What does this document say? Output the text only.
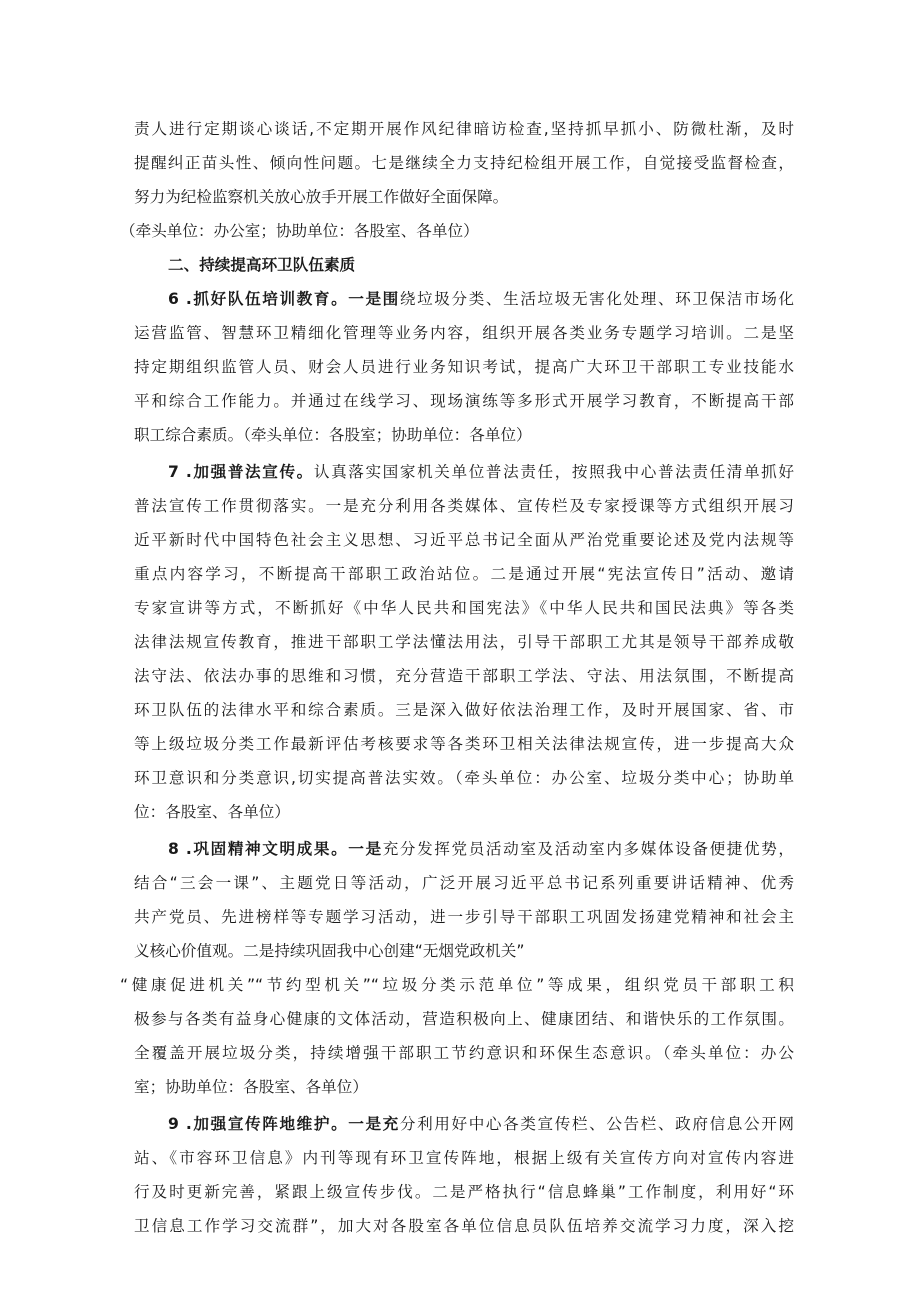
责人进行定期谈心谈话,不定期开展作风纪律暗访检查,坚持抓早抓小、防微杜渐，及时
提醒纠正苗头性、倾向性问题。七是继续全力支持纪检组开展工作，自觉接受监督检查，
努力为纪检监察机关放心放手开展工作做好全面保障。
（牵头单位：办公室；协助单位：各股室、各单位）
二、持续提高环卫队伍素质
6 .抓好队伍培训教育。一是围绕垃圾分类、生活垃圾无害化处理、环卫保洁市场化
运营监管、智慧环卫精细化管理等业务内容，组织开展各类业务专题学习培训。二是坚
持定期组织监管人员、财会人员进行业务知识考试，提高广大环卫干部职工专业技能水
平和综合工作能力。并通过在线学习、现场演练等多形式开展学习教育，不断提高干部
职工综合素质。（牵头单位：各股室；协助单位：各单位）
7 .加强普法宣传。认真落实国家机关单位普法责任，按照我中心普法责任清单抓好
普法宣传工作贯彻落实。一是充分利用各类媒体、宣传栏及专家授课等方式组织开展习
近平新时代中国特色社会主义思想、习近平总书记全面从严治党重要论述及党内法规等
重点内容学习，不断提高干部职工政治站位。二是通过开展“宪法宣传日”活动、邀请
专家宣讲等方式，不断抓好《中华人民共和国宪法》《中华人民共和国民法典》等各类
法律法规宣传教育，推进干部职工学法懂法用法，引导干部职工尤其是领导干部养成敬
法守法、依法办事的思维和习惯，充分营造干部职工学法、守法、用法氛围，不断提高
环卫队伍的法律水平和综合素质。三是深入做好依法治理工作，及时开展国家、省、市
等上级垃圾分类工作最新评估考核要求等各类环卫相关法律法规宣传，进一步提高大众
环卫意识和分类意识,切实提高普法实效。（牵头单位：办公室、垃圾分类中心；协助单
位：各股室、各单位）
8 .巩固精神文明成果。一是充分发挥党员活动室及活动室内多媒体设备便捷优势，
结合“三会一课”、主题党日等活动，广泛开展习近平总书记系列重要讲话精神、优秀
共产党员、先进榜样等专题学习活动，进一步引导干部职工巩固发扬建党精神和社会主
义核心价值观。二是持续巩固我中心创建“无烟党政机关”
“健康促进机关”“节约型机关”“垃圾分类示范单位”等成果，组织党员干部职工积
极参与各类有益身心健康的文体活动，营造积极向上、健康团结、和谐快乐的工作氛围。
全覆盖开展垃圾分类，持续增强干部职工节约意识和环保生态意识。（牵头单位：办公
室；协助单位：各股室、各单位）
9 .加强宣传阵地维护。一是充分利用好中心各类宣传栏、公告栏、政府信息公开网
站、《市容环卫信息》内刊等现有环卫宣传阵地，根据上级有关宣传方向对宣传内容进
行及时更新完善，紧跟上级宣传步伐。二是严格执行“信息蜂巢”工作制度，利用好“环
卫信息工作学习交流群”，加大对各股室各单位信息员队伍培养交流学习力度，深入挖
